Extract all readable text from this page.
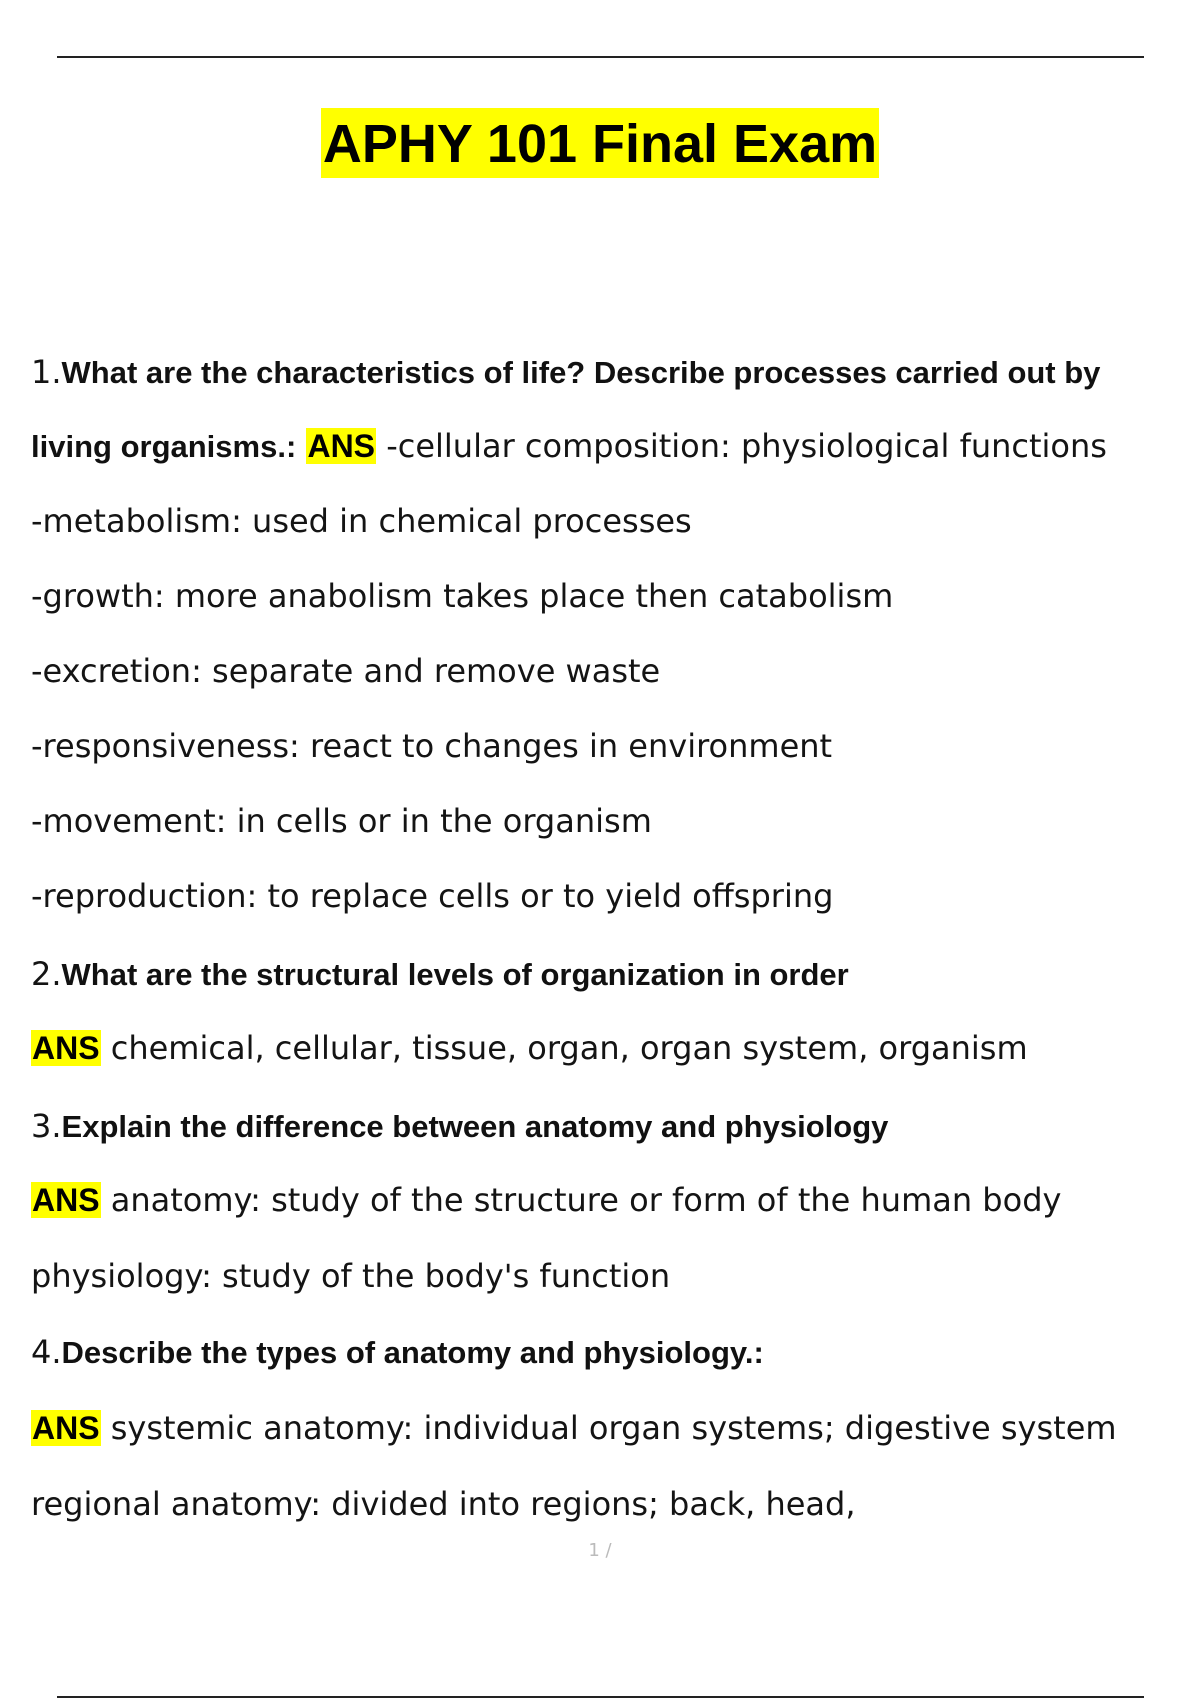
APHY 101 Final Exam
1.What are the characteristics of life? Describe processes carried out by
living organisms.: ANS -cellular composition: physiological functions
-metabolism: used in chemical processes
-growth: more anabolism takes place then catabolism
-excretion: separate and remove waste
-responsiveness: react to changes in environment
-movement: in cells or in the organism
-reproduction: to replace cells or to yield offspring
2.What are the structural levels of organization in order
ANS chemical, cellular, tissue, organ, organ system, organism
3.Explain the difference between anatomy and physiology
ANS anatomy: study of the structure or form of the human body
physiology: study of the body's function
4.Describe the types of anatomy and physiology.:
ANS systemic anatomy: individual organ systems; digestive system
regional anatomy: divided into regions; back, head,
1 /
